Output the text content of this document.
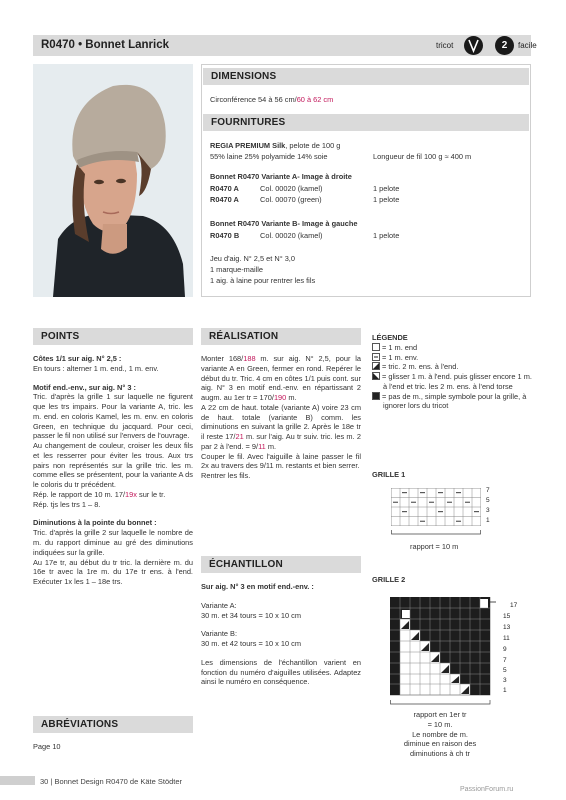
R0470 • Bonnet Lanrick	tricot	2	facile
DIMENSIONS
Circonférence 54 à 56 cm/60 à 62 cm
FOURNITURES
REGIA PREMIUM Silk, pelote de 100 g
55% laine 25% polyamide 14% soie	Longueur de fil 100 g ≈ 400 m
Bonnet R0470 Variante A- Image à droite
R0470 A	Col. 00020 (kamel)	1 pelote
R0470 A	Col. 00070 (green)	1 pelote
Bonnet R0470 Variante B- Image à gauche
R0470 B	Col. 00020 (kamel)	1 pelote
Jeu d'aig. N° 2,5 et N° 3,0
1 marque-maille
1 aig. à laine pour rentrer les fils
POINTS
Côtes 1/1 sur aig. N° 2,5 :
En tours : alterner 1 m. end., 1 m. env.
Motif end.-env., sur aig. N° 3 :
Tric. d'après la grille 1 sur laquelle ne figurent que les trs impairs. Pour la variante A, tric. les m. end. en coloris Kamel, les m. env. en coloris Green, en technique du jacquard. Pour ceci, passer le fil non utilisé sur l'envers de l'ouvrage.
Au changement de couleur, croiser les deux fils et les resserrer pour éviter les trous. Aux trs pairs non représentés sur la grille tric. les m. comme elles se présentent, pour la variante A ds le coloris du tr précédent.
Rép. le rapport de 10 m. 17/19x sur le tr.
Rép. tjs les trs 1 – 8.
Diminutions à la pointe du bonnet :
Tric. d'après la grille 2 sur laquelle le nombre de m. du rapport diminue au gré des diminutions indiquées sur la grille.
Au 17e tr, au début du tr tric. la dernière m. du 16e tr avec la 1re m. du 17e tr ens. à l'end. Exécuter 1x les 1 – 18e trs.
ABRÉVIATIONS
Page 10
RÉALISATION
Monter 168/188 m. sur aig. N° 2,5, pour la variante A en Green, fermer en rond. Repérer le début du tr. Tric. 4 cm en côtes 1/1 puis cont. sur aig. N° 3 en motif end.-env. en répartissant 2 augm. au 1er tr = 170/190 m.
A 22 cm de haut. totale (variante A) voire 23 cm de haut. totale (variante B) comm. les diminutions en suivant la grille 2. Après le 18e tr il reste 17/21 m. sur l'aig. Au tr suiv. tric. les m. 2 par 2 à l'end. = 9/11 m.
Couper le fil. Avec l'aiguille à laine passer le fil 2x au travers des 9/11 m. restants et bien serrer.
Rentrer les fils.
ÉCHANTILLON
Sur aig. N° 3 en motif end.-env. :
Variante A:
30 m. et 34 tours = 10 x 10 cm
Variante B:
30 m. et 42 tours = 10 x 10 cm
Les dimensions de l'échantillon varient en fonction du numéro d'aiguilles utilisées. Adaptez ainsi le numéro en conséquence.
LÉGENDE
= 1 m. end
= 1 m. env.
= tric. 2 m. ens. à l'end.
= glisser 1 m. à l'end. puis glisser encore 1 m. à l'end et tric. les 2 m. ens. à l'end torse
= pas de m., simple symbole pour la grille, à ignorer lors du tricot
GRILLE 1
7
5
3
1
rapport = 10 m
GRILLE 2
17
15
13
11
9
7
5
3
1
rapport en 1er tr
= 10 m.
Le nombre de m.
diminue en raison des
diminutions à ch tr
30 | Bonnet Design R0470 de Käte Stödter
PassionForum.ru
